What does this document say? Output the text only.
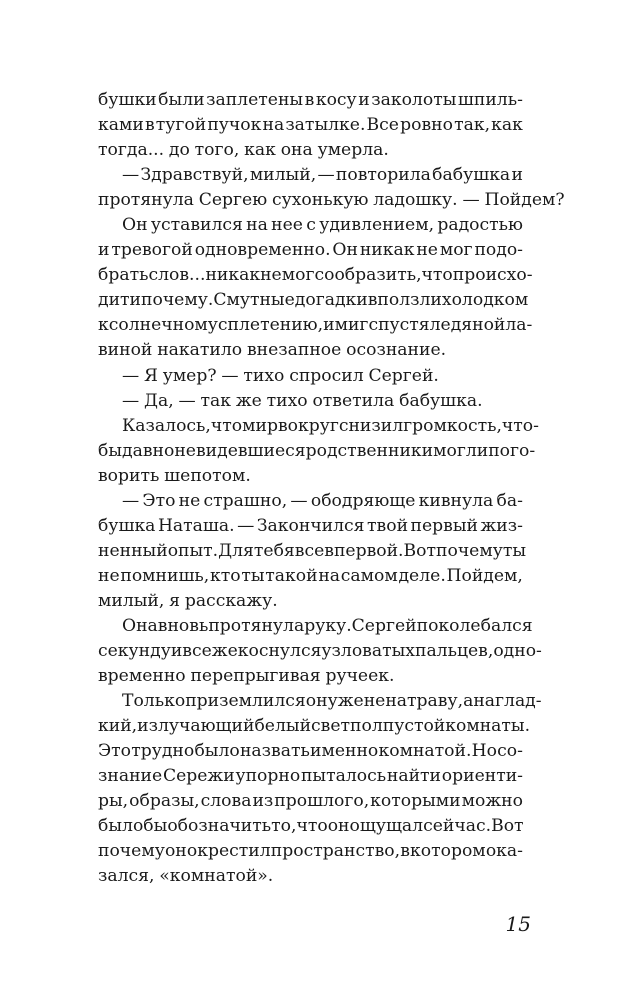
бушки были заплетены в косу и заколоты шпиль-
ками в тугой пучок на затылке. Все ровно так, как
тогда... до того, как она умерла.
— Здравствуй, милый, — повторила бабушка и
протянула Сергею сухонькую ладошку. — Пойдем?
Он уставился на нее с удивлением, радостью
и тревогой одновременно. Он никак не мог подо-
брать слов... никак не мог сообразить, что происхо-
дит и почему. Смутные догадки вползли холодком
к солнечному сплетению, и миг спустя ледяной ла-
виной накатило внезапное осознание.
— Я умер? — тихо спросил Сергей.
— Да, — так же тихо ответила бабушка.
Казалось, что мир вокруг снизил громкость, что-
бы давно не видевшиеся родственники могли пого-
ворить шепотом.
— Это не страшно, — ободряюще кивнула ба-
бушка Наташа. — Закончился твой первый жиз-
ненный опыт. Для тебя все впервой. Вот почему ты
не помнишь, кто ты такой на самом деле. Пойдем,
милый, я расскажу.
Она вновь протянула руку. Сергей поколебался
секунду и все же коснулся узловатых пальцев, одно-
временно перепрыгивая ручеек.
Только приземлился он уже не на траву, а на глад-
кий, излучающий белый свет пол пустой комнаты.
Это трудно было назвать именно комнатой. Но со-
знание Сережи упорно пыталось найти ориенти-
ры, образы, слова из прошлого, которыми можно
было бы обозначить то, что он ощущал сейчас. Вот
почему он окрестил пространство, в котором ока-
зался, «комнатой».
15
